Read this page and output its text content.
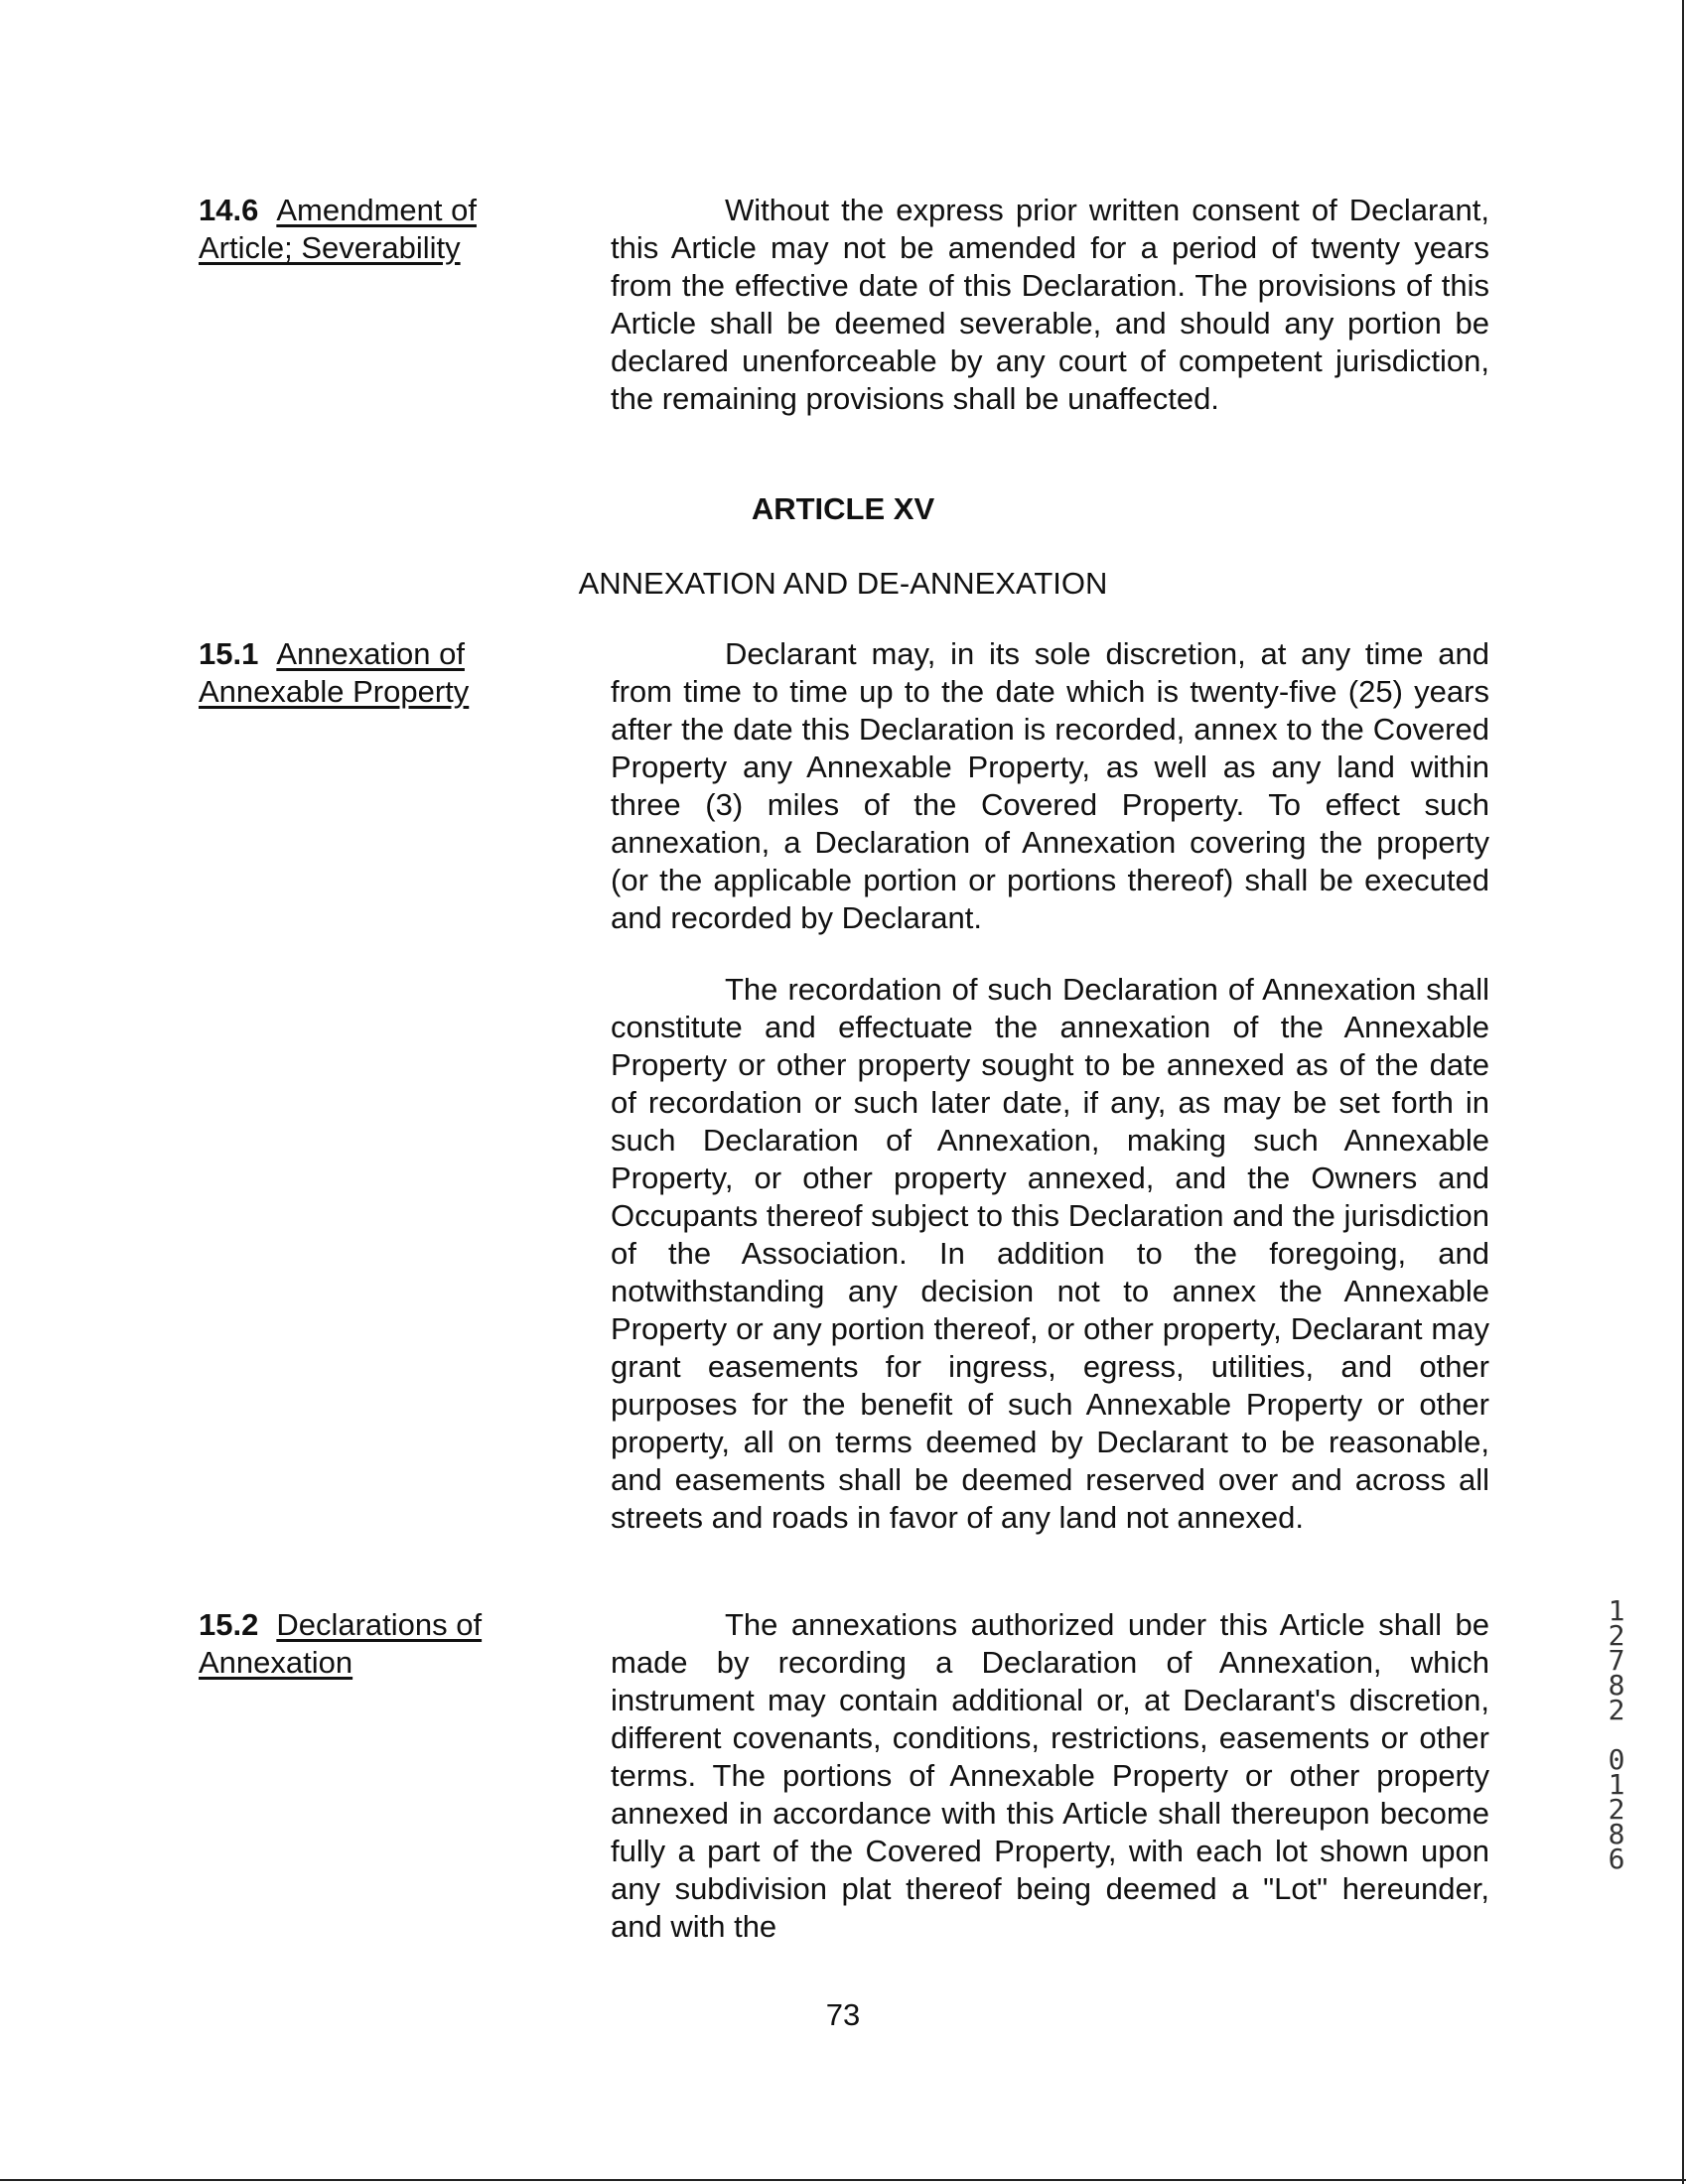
14.6 Amendment of
Article; Severability

Without the express prior written consent of Declarant, this Article may not be amended for a period of twenty years from the effective date of this Declaration. The provisions of this Article shall be deemed severable, and should any portion be declared unenforceable by any court of competent jurisdiction, the remaining provisions shall be unaffected.

ARTICLE XV
ANNEXATION AND DE-ANNEXATION
15.1 Annexation of
Annexable Property

Declarant may, in its sole discretion, at any time and from time to time up to the date which is twenty-five (25) years after the date this Declaration is recorded, annex to the Covered Property any Annexable Property, as well as any land within three (3) miles of the Covered Property. To effect such annexation, a Declaration of Annexation covering the property (or the applicable portion or portions thereof) shall be executed and recorded by Declarant.

The recordation of such Declaration of Annexation shall constitute and effectuate the annexation of the Annexable Property or other property sought to be annexed as of the date of recordation or such later date, if any, as may be set forth in such Declaration of Annexation, making such Annexable Property, or other property annexed, and the Owners and Occupants thereof subject to this Declaration and the jurisdiction of the Association. In addition to the foregoing, and notwithstanding any decision not to annex the Annexable Property or any portion thereof, or other property, Declarant may grant easements for ingress, egress, utilities, and other purposes for the benefit of such Annexable Property or other property, all on terms deemed by Declarant to be reasonable, and easements shall be deemed reserved over and across all streets and roads in favor of any land not annexed.

15.2 Declarations of
Annexation

The annexations authorized under this Article shall be made by recording a Declaration of Annexation, which instrument may contain additional or, at Declarant's discretion, different covenants, conditions, restrictions, easements or other terms. The portions of Annexable Property or other property annexed in accordance with this Article shall thereupon become fully a part of the Covered Property, with each lot shown upon any subdivision plat thereof being deemed a "Lot" hereunder, and with the

73
1
2
7
8
2

0
1
2
8
6
